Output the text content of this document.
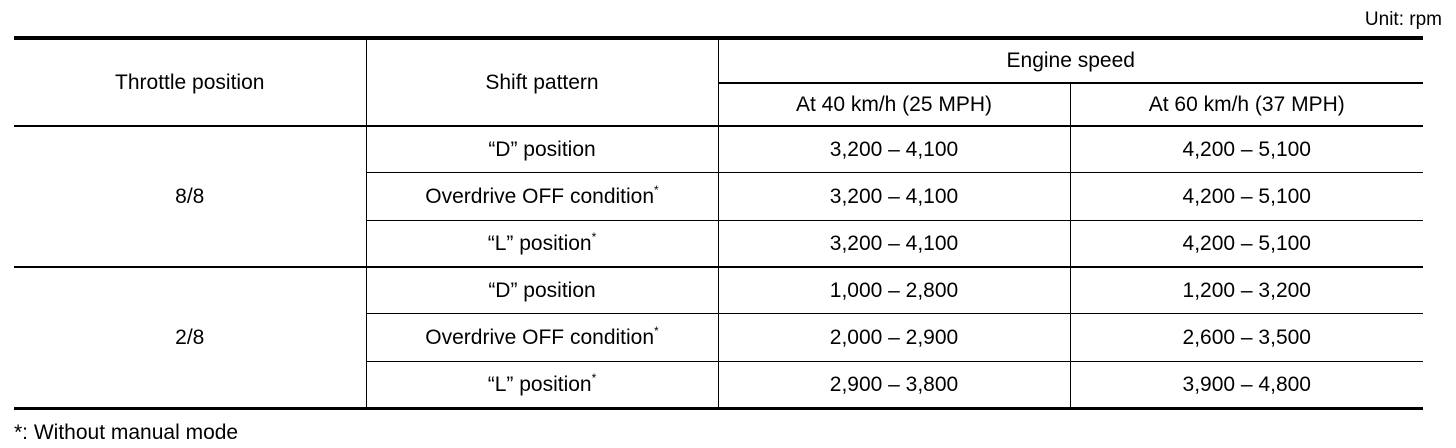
Unit: rpm
Throttle position	Shift pattern	Engine speed	
		At 40 km/h (25 MPH)	At 60 km/h (37 MPH)
8/8	“D” position	3,200 – 4,100	4,200 – 5,100
	Overdrive OFF condition*	3,200 – 4,100	4,200 – 5,100
	“L” position*	3,200 – 4,100	4,200 – 5,100
2/8	“D” position	1,000 – 2,800	1,200 – 3,200
	Overdrive OFF condition*	2,000 – 2,900	2,600 – 3,500
	“L” position*	2,900 – 3,800	3,900 – 4,800
*: Without manual mode
